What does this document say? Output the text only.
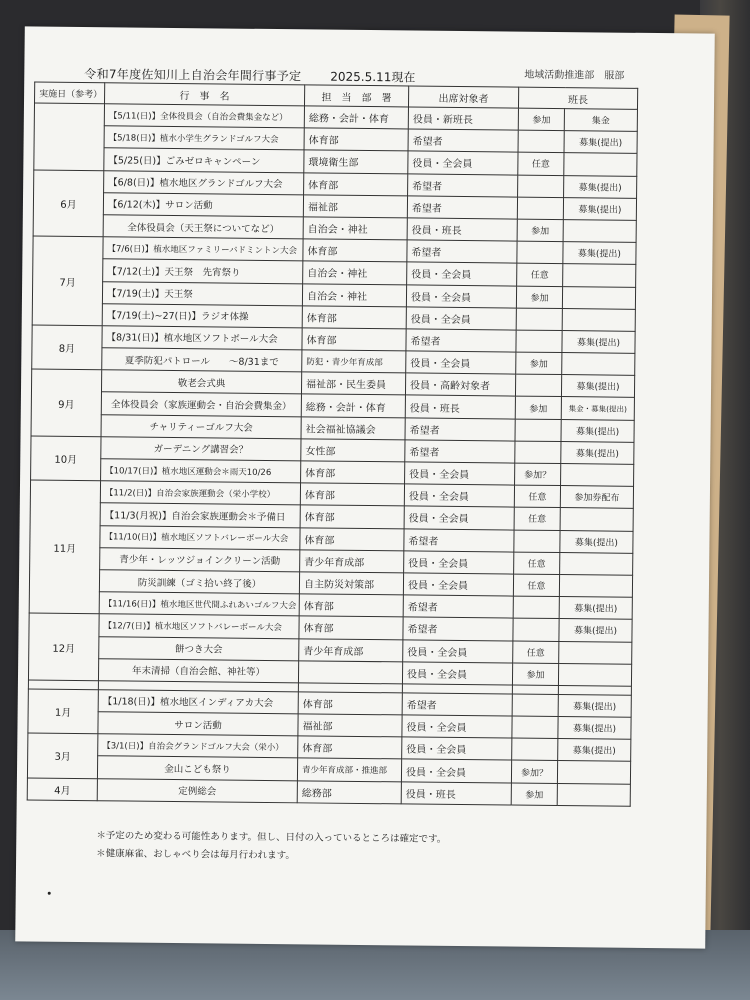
令和7年度佐知川上自治会年間行事予定 2025.5.11現在	地域活動推進部　服部
実施日（参考）	行　事　名	担　当　部　署	出席対象者	班長	
	【5/11(日)】全体役員会（自治会費集金など）	総務・会計・体育	役員・新班長	参加	集金
	【5/18(日)】植水小学生グランドゴルフ大会	体育部	希望者		募集(提出)
	【5/25(日)】ごみゼロキャンペーン	環境衛生部	役員・全会員	任意	
6月	【6/8(日)】植水地区グランドゴルフ大会	体育部	希望者		募集(提出)
	【6/12(木)】サロン活動	福祉部	希望者		募集(提出)
	全体役員会（天王祭についてなど）	自治会・神社	役員・班長	参加	
7月	【7/6(日)】植水地区ファミリーバドミントン大会	体育部	希望者		募集(提出)
	【7/12(土)】天王祭　先宵祭り	自治会・神社	役員・全会員	任意	
	【7/19(土)】天王祭	自治会・神社	役員・全会員	参加	
	【7/19(土)~27(日)】ラジオ体操	体育部	役員・全会員		
8月	【8/31(日)】植水地区ソフトボール大会	体育部	希望者		募集(提出)
	夏季防犯パトロール　　～8/31まで	防犯・青少年育成部	役員・全会員	参加	
9月	敬老会式典	福祉部・民生委員	役員・高齢対象者		募集(提出)
	全体役員会（家族運動会・自治会費集金）	総務・会計・体育	役員・班長	参加	集金・募集(提出)
	チャリティーゴルフ大会	社会福祉協議会	希望者		募集(提出)
10月	ガーデニング講習会？	女性部	希望者		募集(提出)
	【10/17(日)】植水地区運動会＊雨天10/26	体育部	役員・全会員	参加？	
11月	【11/2(日)】自治会家族運動会（栄小学校）	体育部	役員・全会員	任意	参加券配布
	【11/3(月祝)】自治会家族運動会＊予備日	体育部	役員・全会員	任意	
	【11/10(日)】植水地区ソフトバレーボール大会	体育部	希望者		募集(提出)
	青少年・レッツジョインクリーン活動	青少年育成部	役員・全会員	任意	
	防災訓練（ゴミ拾い終了後）	自主防災対策部	役員・全会員	任意	
	【11/16(日)】植水地区世代間ふれあいゴルフ大会	体育部	希望者		募集(提出)
12月	【12/7(日)】植水地区ソフトバレーボール大会	体育部	希望者		募集(提出)
	餅つき大会	青少年育成部	役員・全会員	任意	
	年末清掃（自治会館、神社等）		役員・全会員	参加	

1月	【1/18(日)】植水地区インディアカ大会	体育部	希望者		募集(提出)
	サロン活動	福祉部	役員・全会員		募集(提出)
3月	【3/1(日)】自治会グランドゴルフ大会（栄小）	体育部	役員・全会員		募集(提出)
	金山こども祭り	青少年育成部・推進部	役員・全会員	参加？	
4月	定例総会	総務部	役員・班長	参加	
＊予定のため変わる可能性あります。但し、日付の入っているところは確定です。
＊健康麻雀、おしゃべり会は毎月行われます。
